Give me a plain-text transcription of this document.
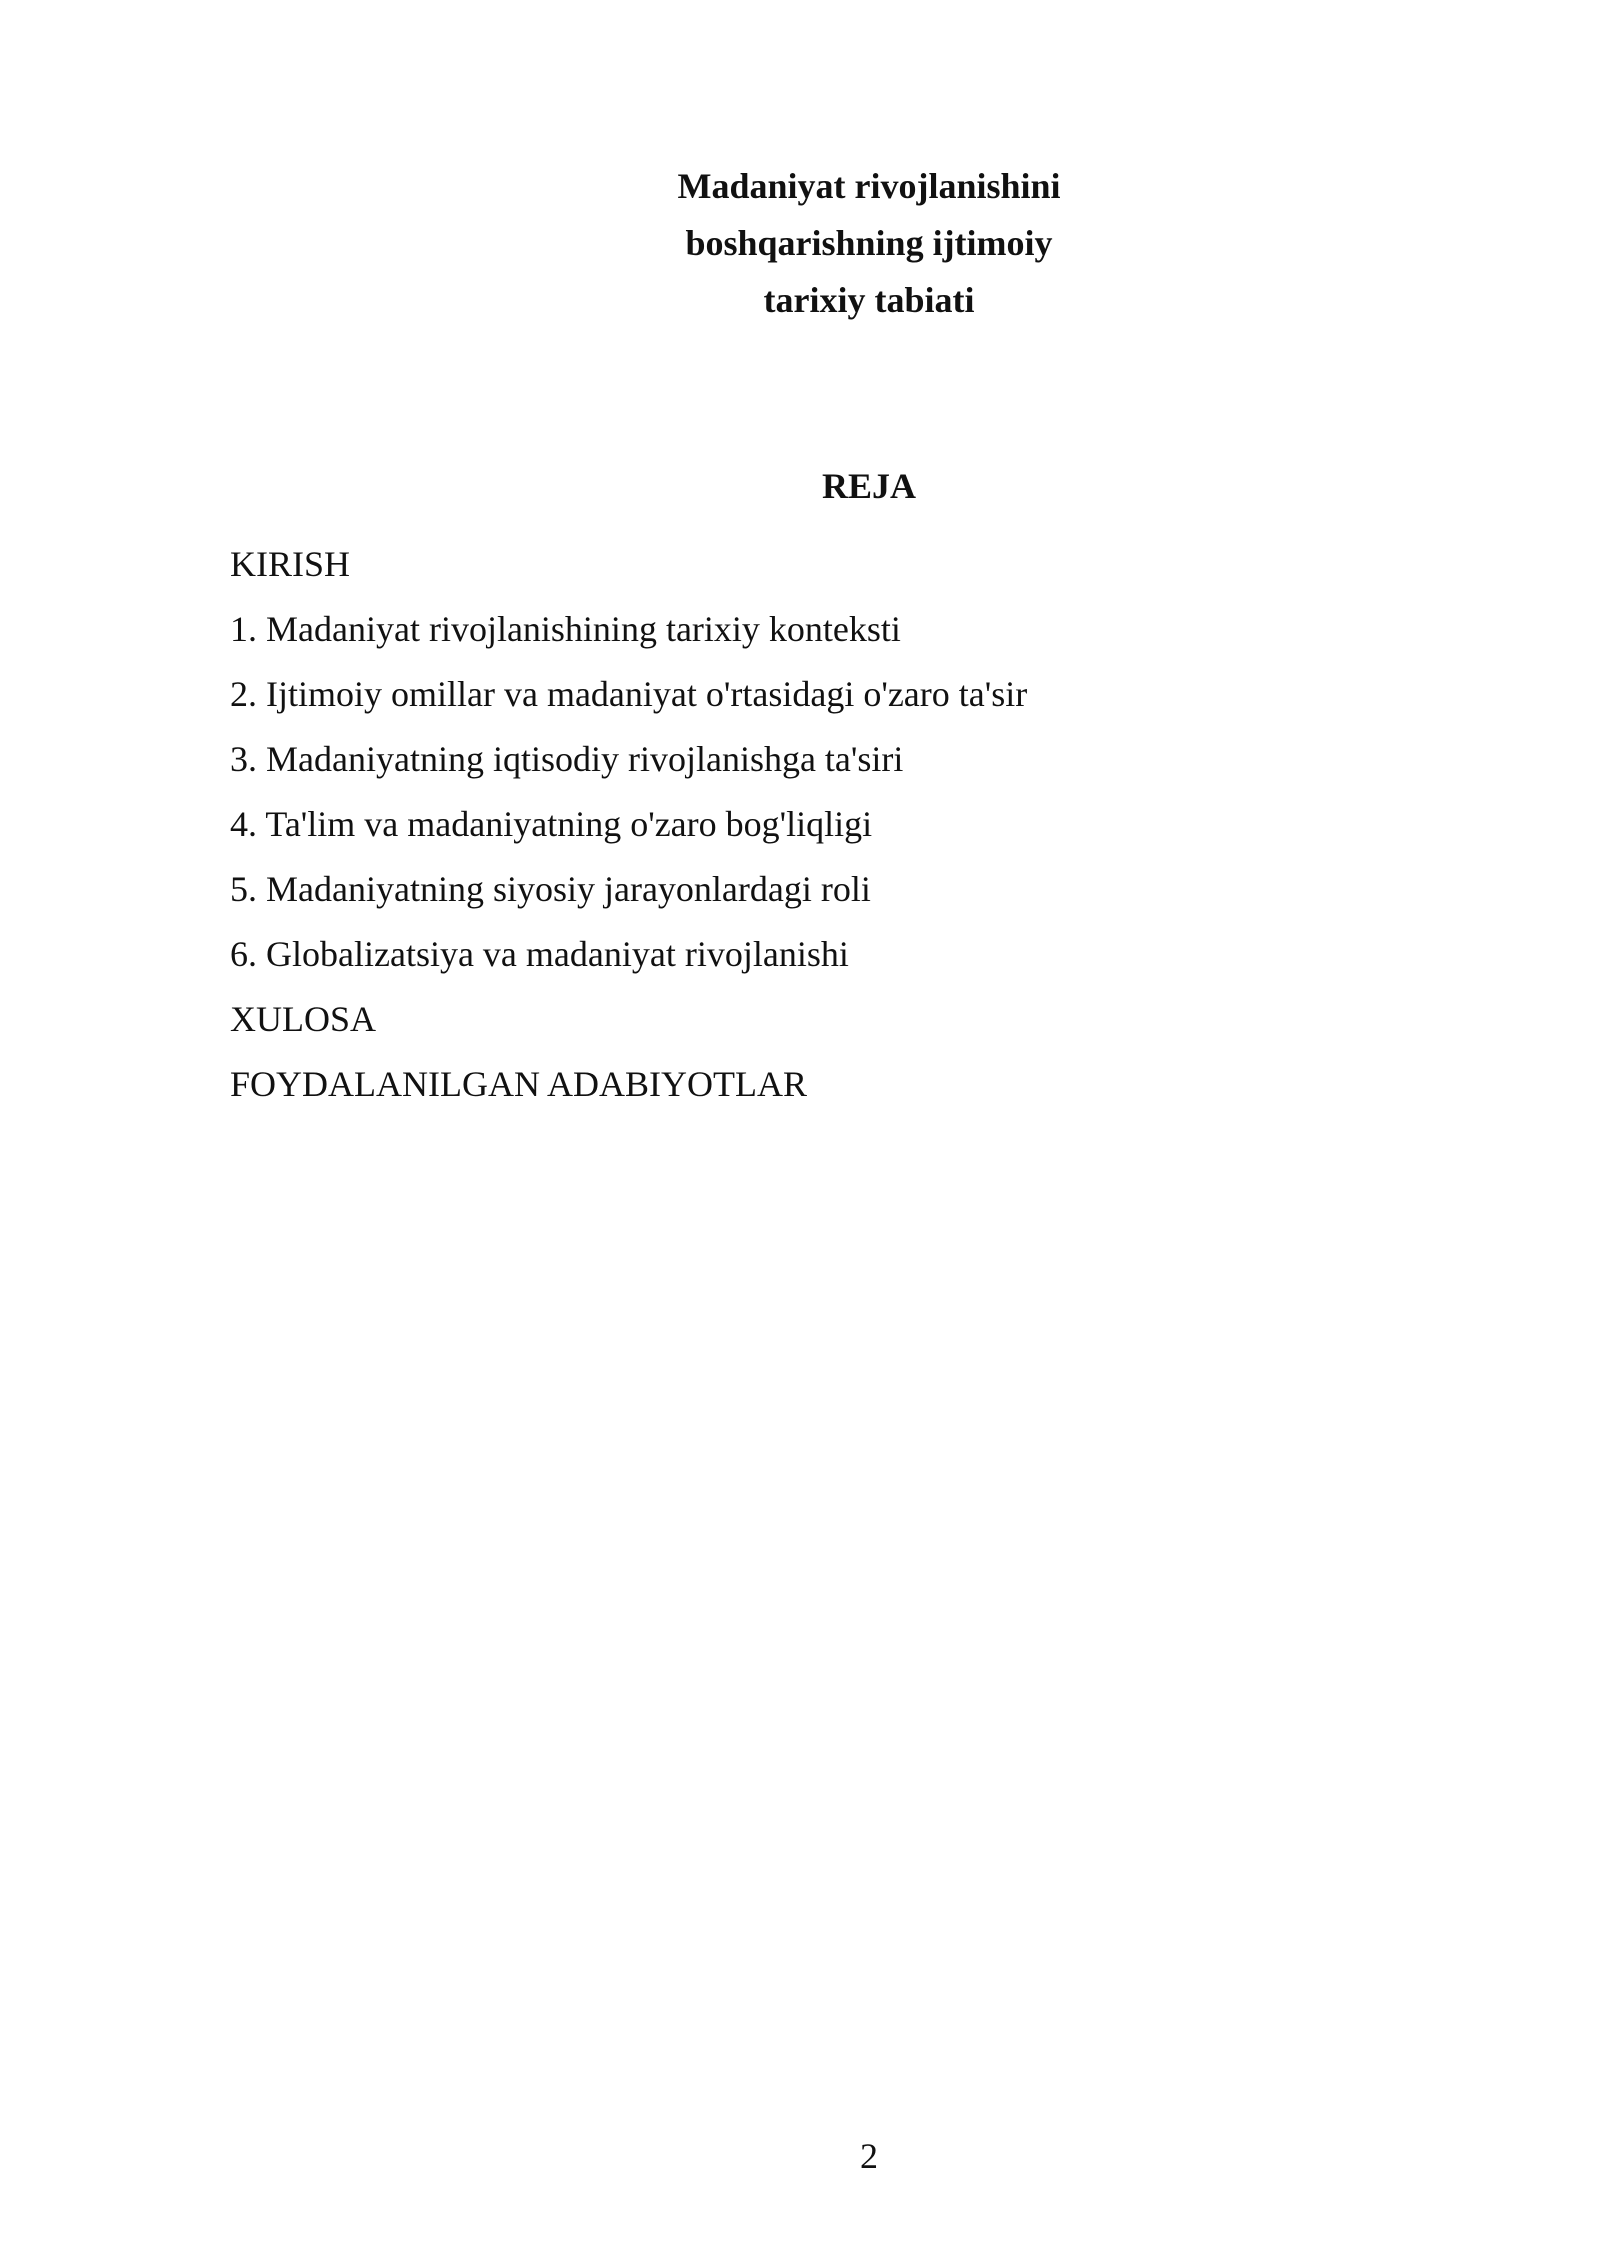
Madaniyat rivojlanishini

boshqarishning ijtimoiy

tarixiy tabiati

REJA

KIRISH
1. Madaniyat rivojlanishining tarixiy konteksti
2. Ijtimoiy omillar va madaniyat o'rtasidagi o'zaro ta'sir
3. Madaniyatning iqtisodiy rivojlanishga ta'siri
4. Ta'lim va madaniyatning o'zaro bog'liqligi
5. Madaniyatning siyosiy jarayonlardagi roli
6. Globalizatsiya va madaniyat rivojlanishi
XULOSA
FOYDALANILGAN ADABIYOTLAR

2
